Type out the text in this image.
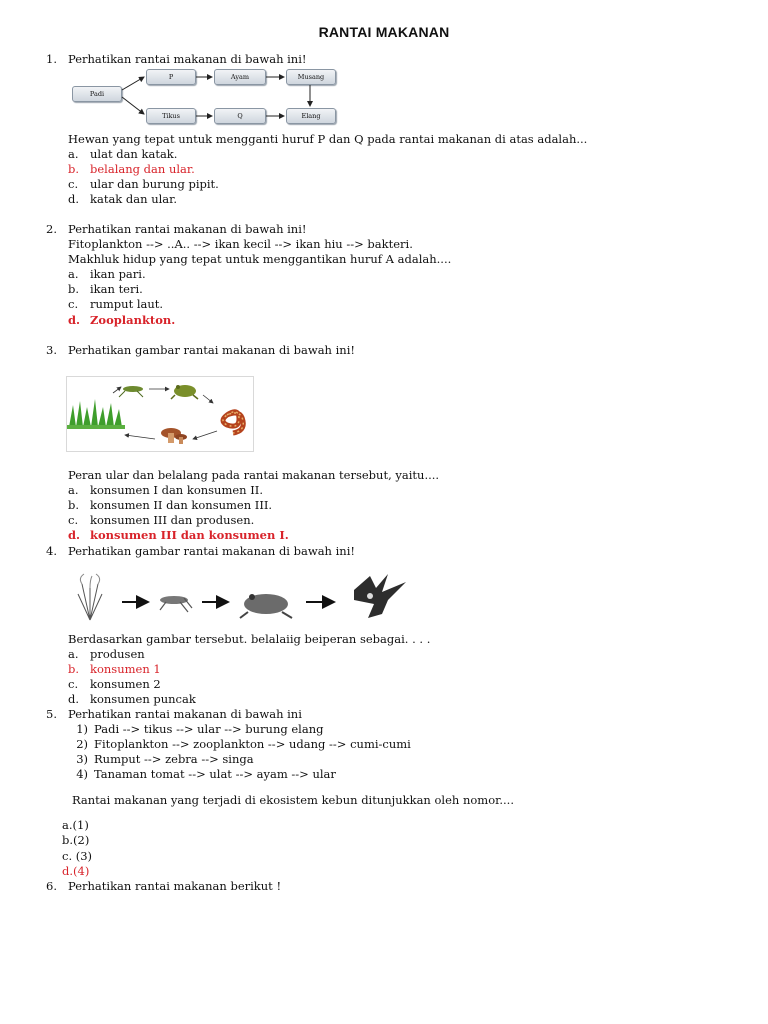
RANTAI MAKANAN
1. Perhatikan rantai makanan di bawah ini!
Padi
P	Ayam	Musang
Tikus	Q	Elang
Hewan yang tepat untuk mengganti huruf P dan Q pada rantai makanan di atas adalah...
a. ulat dan katak.
b. belalang dan ular.
c. ular dan burung pipit.
d. katak dan ular.
2. Perhatikan rantai makanan di bawah ini!
Fitoplankton --> ..A.. --> ikan kecil --> ikan hiu --> bakteri.
Makhluk hidup yang tepat untuk menggantikan huruf A adalah....
a. ikan pari.
b. ikan teri.
c. rumput laut.
d. Zooplankton.
3. Perhatikan gambar rantai makanan di bawah ini!
Peran ular dan belalang pada rantai makanan tersebut, yaitu....
a. konsumen I dan konsumen II.
b. konsumen II dan konsumen III.
c. konsumen III dan produsen.
d. konsumen III dan konsumen I.
4. Perhatikan gambar rantai makanan di bawah ini!
Berdasarkan gambar tersebut. belalaiig beiperan sebagai. . . .
a. produsen
b. konsumen 1
c. konsumen 2
d. konsumen puncak
5. Perhatikan rantai makanan di bawah ini
1) Padi --> tikus --> ular --> burung elang
2) Fitoplankton --> zooplankton --> udang --> cumi-cumi
3) Rumput --> zebra --> singa
4) Tanaman tomat --> ulat --> ayam --> ular
Rantai makanan yang terjadi di ekosistem kebun ditunjukkan oleh nomor....
a.(1)
b.(2)
c. (3)
d.(4)
6. Perhatikan rantai makanan berikut !
